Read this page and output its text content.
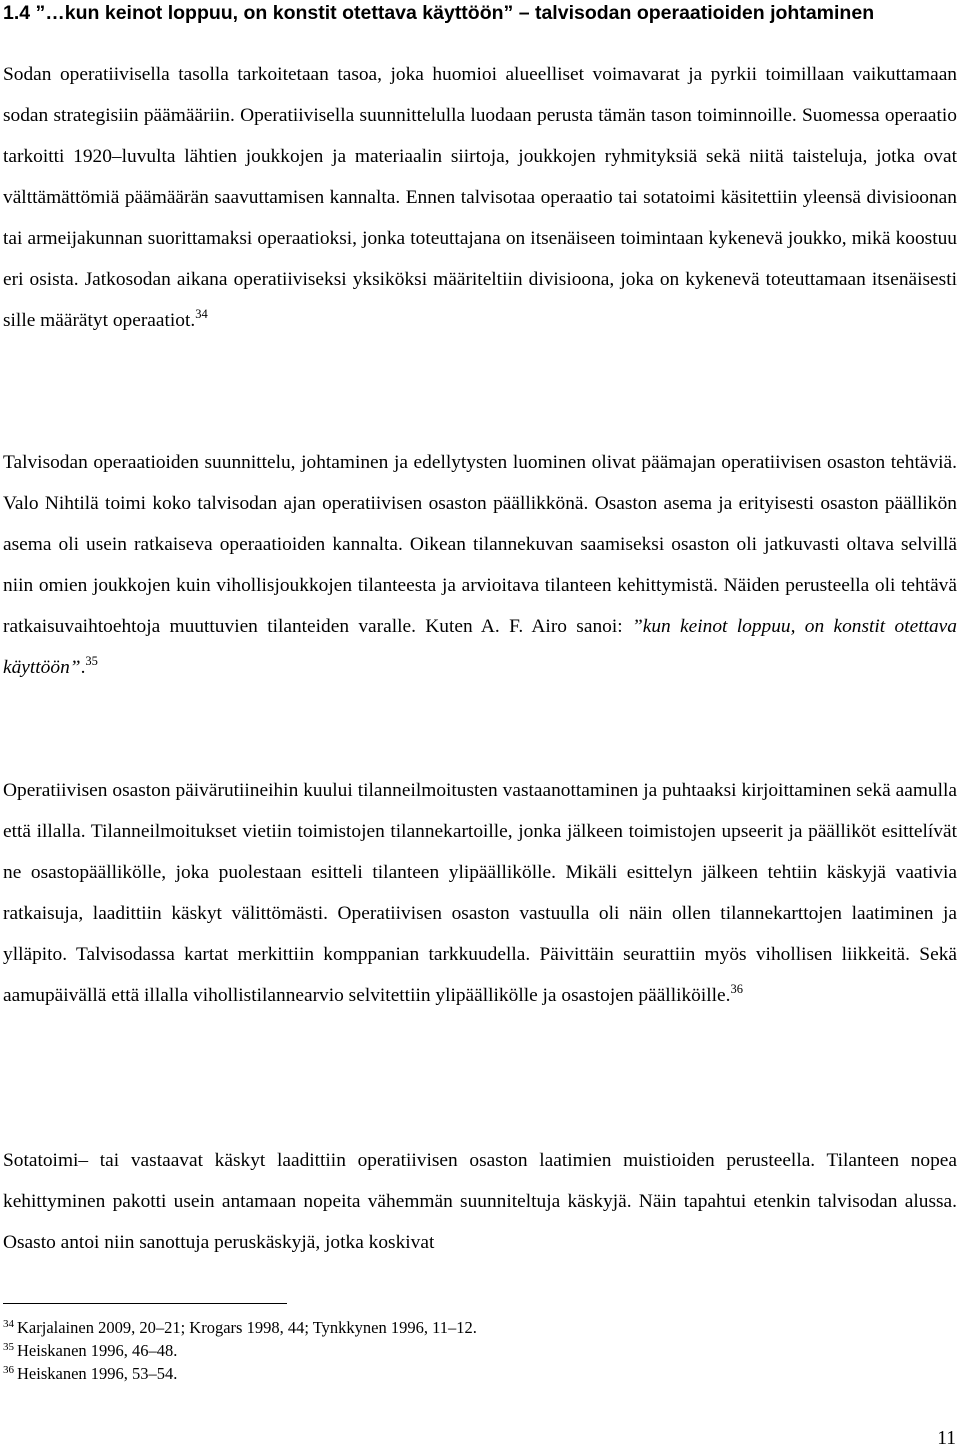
1.4 ”…kun keinot loppuu, on konstit otettava käyttöön” – talvisodan operaatioiden johtaminen

Sodan operatiivisella tasolla tarkoitetaan tasoa, joka huomioi alueelliset voimavarat ja pyrkii toimillaan vaikuttamaan sodan strategisiin päämääriin. Operatiivisella suunnittelulla luodaan perusta tämän tason toiminnoille. Suomessa operaatio tarkoitti 1920–luvulta lähtien joukkojen ja materiaalin siirtoja, joukkojen ryhmityksiä sekä niitä taisteluja, jotka ovat välttämättömiä päämäärän saavuttamisen kannalta. Ennen talvisotaa operaatio tai sotatoimi käsitettiin yleensä divisioonan tai armeijakunnan suorittamaksi operaatioksi, jonka toteuttajana on itsenäiseen toimintaan kykenevä joukko, mikä koostuu eri osista. Jatkosodan aikana operatiiviseksi yksiköksi määriteltiin divisioona, joka on kykenevä toteuttamaan itsenäisesti sille määrätyt operaatiot.$^{34}$

Talvisodan operaatioiden suunnittelu, johtaminen ja edellytysten luominen olivat päämajan operatiivisen osaston tehtäviä. Valo Nihtilä toimi koko talvisodan ajan operatiivisen osaston päällikkönä. Osaston asema ja erityisesti osaston päällikön asema oli usein ratkaiseva operaatioiden kannalta. Oikean tilannekuvan saamiseksi osaston oli jatkuvasti oltava selvillä niin omien joukkojen kuin vihollisjoukkojen tilanteesta ja arvioitava tilanteen kehittymistä. Näiden perusteella oli tehtävä ratkaisuvaihtoehtoja muuttuvien tilanteiden varalle. Kuten A. F. Airo sanoi: ”kun keinot loppuu, on konstit otettava käyttöön”.$^{35}$

Operatiivisen osaston päivärutiineihin kuului tilanneilmoitusten vastaanottaminen ja puhtaaksi kirjoittaminen sekä aamulla että illalla. Tilanneilmoitukset vietiin toimistojen tilannekartoille, jonka jälkeen toimistojen upseerit ja päälliköt esittelívät ne osastopäällikölle, joka puolestaan esitteli tilanteen ylipäällikölle. Mikäli esittelyn jälkeen tehtiin käskyjä vaativia ratkaisuja, laadittiin käskyt välittömästi. Operatiivisen osaston vastuulla oli näin ollen tilannekarttojen laatiminen ja ylläpito. Talvisodassa kartat merkittiin komppanian tarkkuudella. Päivittäin seurattiin myös vihollisen liikkeitä. Sekä aamupäivällä että illalla vihollistilannearvio selvitettiin ylipäällikölle ja osastojen päälliköille.$^{36}$

Sotatoimi– tai vastaavat käskyt laadittiin operatiivisen osaston laatimien muistioiden perusteella. Tilanteen nopea kehittyminen pakotti usein antamaan nopeita vähemmän suunniteltuja käskyjä. Näin tapahtui etenkin talvisodan alussa. Osasto antoi niin sanottuja peruskäskyjä, jotka koskivat

$^{34}$ Karjalainen 2009, 20–21; Krogars 1998, 44; Tynkkynen 1996, 11–12.

$^{35}$ Heiskanen 1996, 46–48.

$^{36}$ Heiskanen 1996, 53–54.

11
